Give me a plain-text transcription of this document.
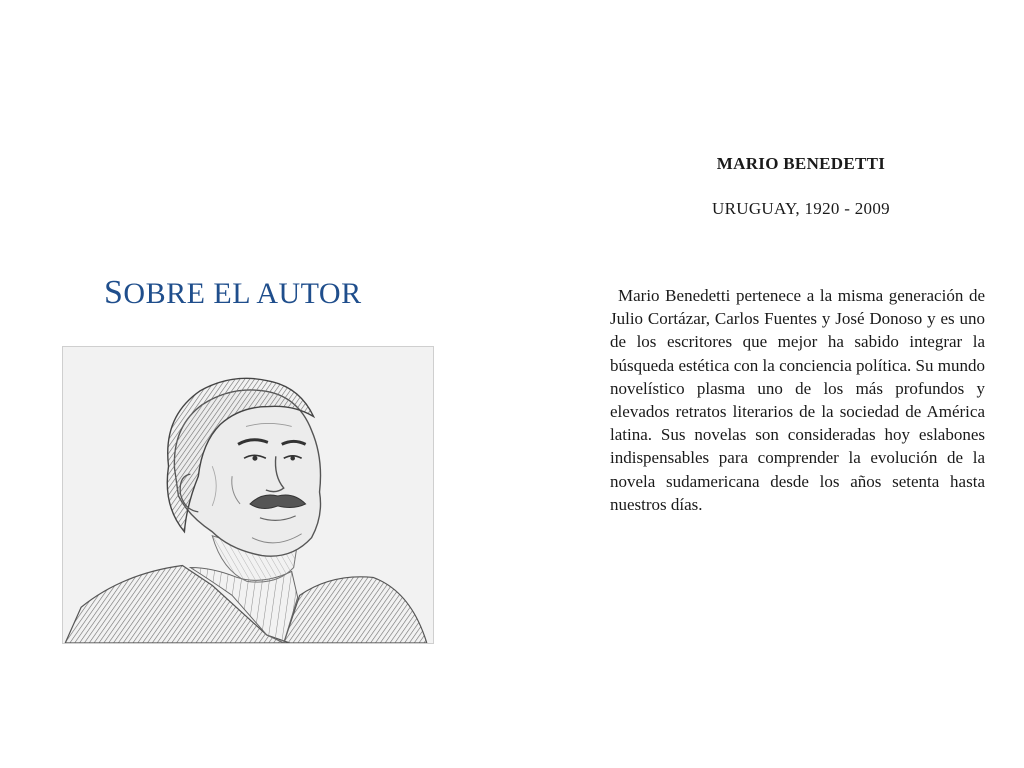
SOBRE EL AUTOR
MARIO BENEDETTI

URUGUAY, 1920 - 2009

Mario Benedetti pertenece a la misma generación de Julio Cortázar, Carlos Fuentes y José Donoso y es uno de los escritores que mejor ha sabido integrar la búsqueda estética con la conciencia política. Su mundo novelístico plasma uno de los más profundos y elevados retratos literarios de la sociedad de América latina. Sus novelas son consideradas hoy eslabones indispensables para comprender la evolución de la novela sudamericana desde los años setenta hasta nuestros días.
